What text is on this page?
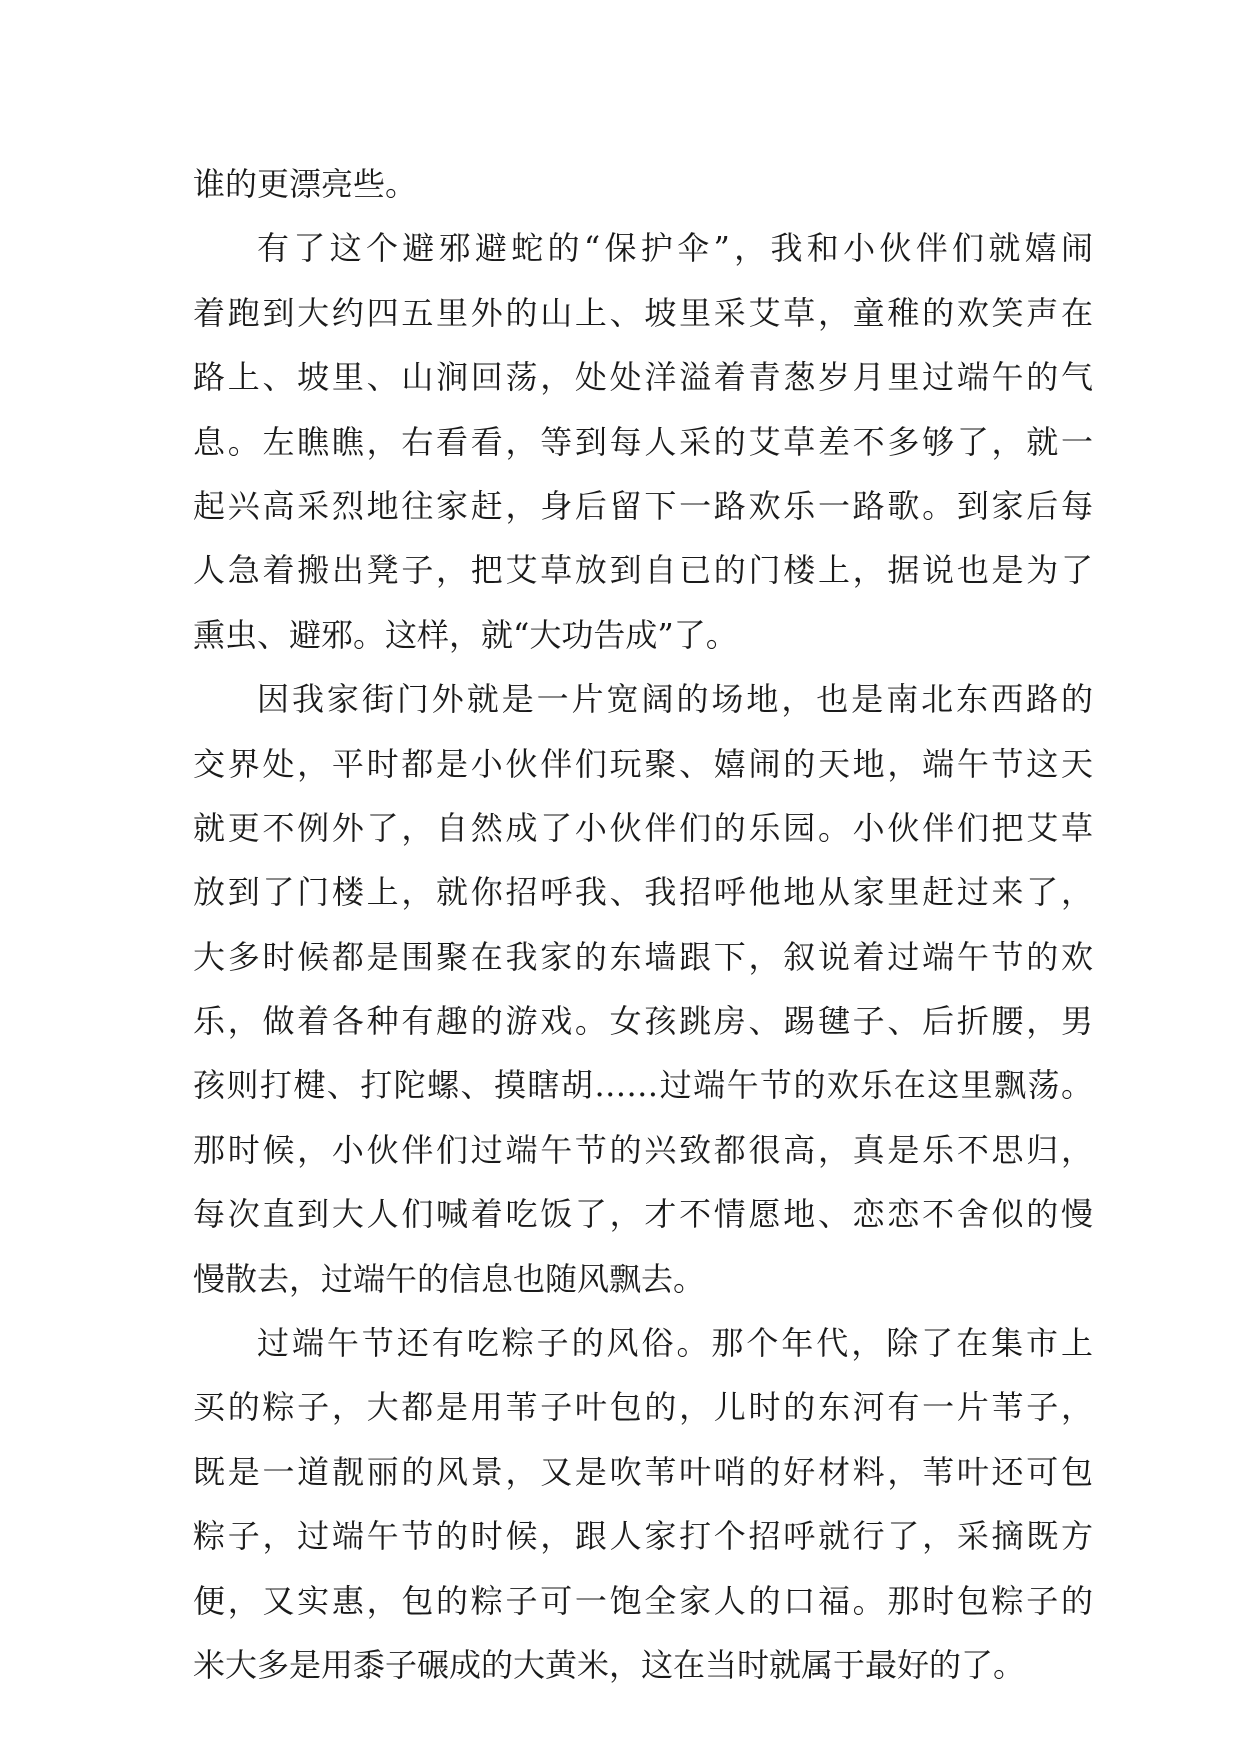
谁的更漂亮些。
有了这个避邪避蛇的“保护伞”，我和小伙伴们就嬉闹
着跑到大约四五里外的山上、坡里采艾草，童稚的欢笑声在
路上、坡里、山涧回荡，处处洋溢着青葱岁月里过端午的气
息。左瞧瞧，右看看，等到每人采的艾草差不多够了，就一
起兴高采烈地往家赶，身后留下一路欢乐一路歌。到家后每
人急着搬出凳子，把艾草放到自已的门楼上，据说也是为了
熏虫、避邪。这样，就“大功告成”了。
因我家街门外就是一片宽阔的场地，也是南北东西路的
交界处，平时都是小伙伴们玩聚、嬉闹的天地，端午节这天
就更不例外了，自然成了小伙伴们的乐园。小伙伴们把艾草
放到了门楼上，就你招呼我、我招呼他地从家里赶过来了，
大多时候都是围聚在我家的东墙跟下，叙说着过端午节的欢
乐，做着各种有趣的游戏。女孩跳房、踢毽子、后折腰，男
孩则打楗、打陀螺、摸瞎胡……过端午节的欢乐在这里飘荡。
那时候，小伙伴们过端午节的兴致都很高，真是乐不思归，
每次直到大人们喊着吃饭了，才不情愿地、恋恋不舍似的慢
慢散去，过端午的信息也随风飘去。
过端午节还有吃粽子的风俗。那个年代，除了在集市上
买的粽子，大都是用苇子叶包的，儿时的东河有一片苇子，
既是一道靓丽的风景，又是吹苇叶哨的好材料，苇叶还可包
粽子，过端午节的时候，跟人家打个招呼就行了，采摘既方
便，又实惠，包的粽子可一饱全家人的口福。那时包粽子的
米大多是用黍子碾成的大黄米，这在当时就属于最好的了。
